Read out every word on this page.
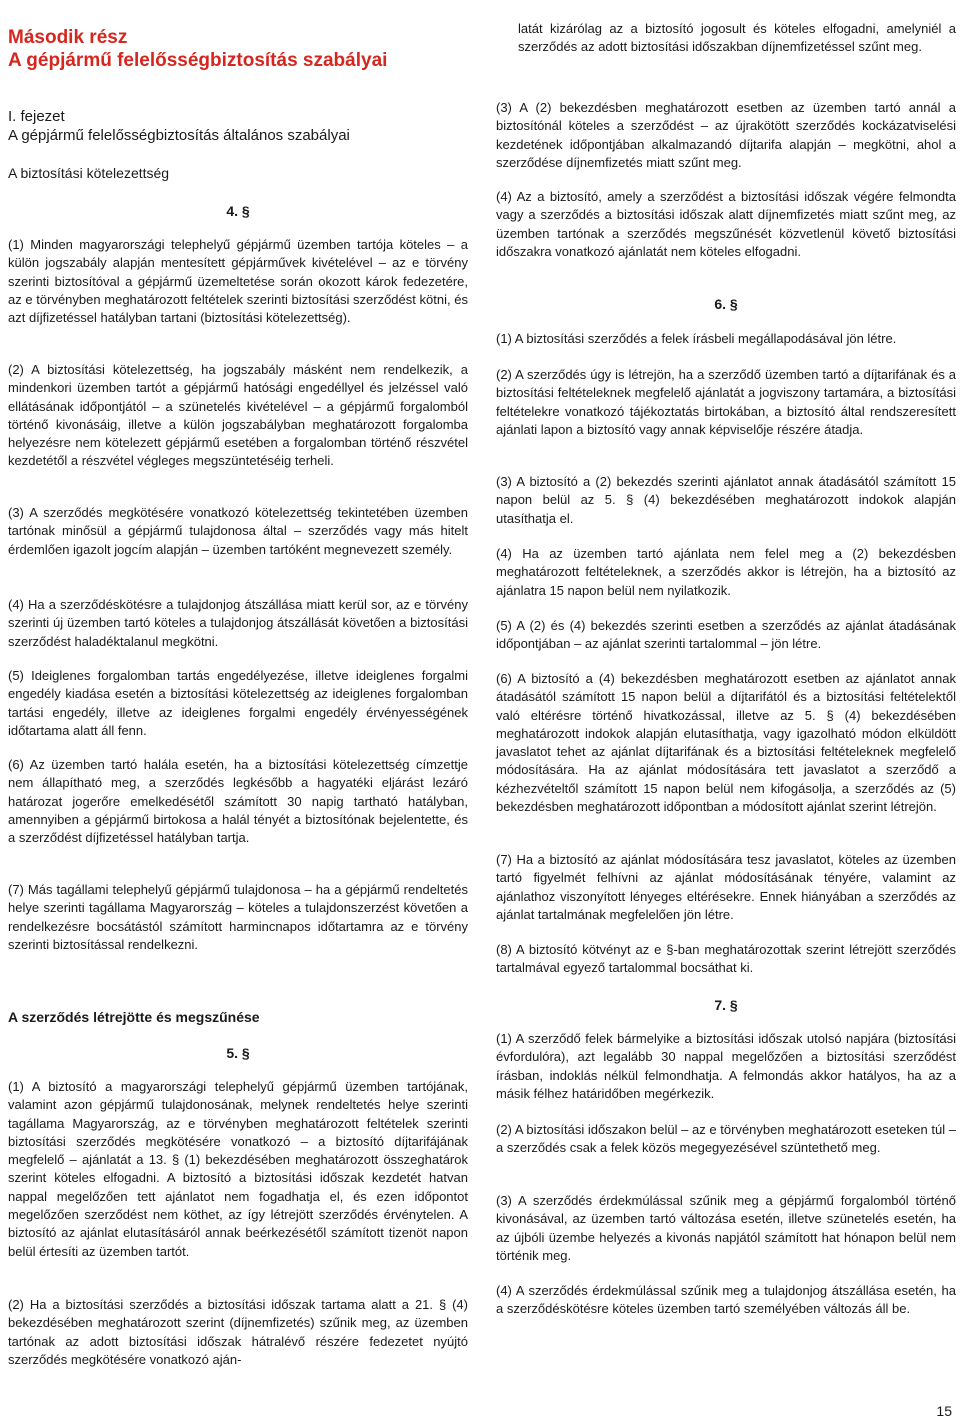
Második rész
A gépjármű felelősségbiztosítás szabályai
I. fejezet
A gépjármű felelősségbiztosítás általános szabályai
A biztosítási kötelezettség
4. §
(1) Minden magyarországi telephelyű gépjármű üzemben tartója köteles – a külön jogszabály alapján mentesített gépjárművek kivételével – az e törvény szerinti biztosítóval a gépjármű üzemeltetése során okozott károk fedezetére, az e törvényben meghatározott feltételek szerinti biztosítási szerződést kötni, és azt díjfizetéssel hatályban tartani (biztosítási kötelezettség).
(2) A biztosítási kötelezettség, ha jogszabály másként nem rendelkezik, a mindenkori üzemben tartót a gépjármű hatósági engedéllyel és jelzéssel való ellátásának időpontjától – a szünetelés kivételével – a gépjármű forgalomból történő kivonásáig, illetve a külön jogszabályban meghatározott forgalomba helyezésre nem kötelezett gépjármű esetében a forgalomban történő részvétel kezdetétől a részvétel végleges megszüntetéséig terheli.
(3) A szerződés megkötésére vonatkozó kötelezettség tekintetében üzemben tartónak minősül a gépjármű tulajdonosa által – szerződés vagy más hitelt érdemlően igazolt jogcím alapján – üzemben tartóként megnevezett személy.
(4) Ha a szerződéskötésre a tulajdonjog átszállása miatt kerül sor, az e törvény szerinti új üzemben tartó köteles a tulajdonjog átszállását követően a biztosítási szerződést haladéktalanul megkötni.
(5) Ideiglenes forgalomban tartás engedélyezése, illetve ideiglenes forgalmi engedély kiadása esetén a biztosítási kötelezettség az ideiglenes forgalomban tartási engedély, illetve az ideiglenes forgalmi engedély érvényességének időtartama alatt áll fenn.
(6) Az üzemben tartó halála esetén, ha a biztosítási kötelezettség címzettje nem állapítható meg, a szerződés legkésőbb a hagyatéki eljárást lezáró határozat jogerőre emelkedésétől számított 30 napig tartható hatályban, amennyiben a gépjármű birtokosa a halál tényét a biztosítónak bejelentette, és a szerződést díjfizetéssel hatályban tartja.
(7) Más tagállami telephelyű gépjármű tulajdonosa – ha a gépjármű rendeltetés helye szerinti tagállama Magyarország – köteles a tulajdonszerzést követően a rendelkezésre bocsátástól számított harmincnapos időtartamra az e törvény szerinti biztosítással rendelkezni.
A szerződés létrejötte és megszűnése
5. §
(1) A biztosító a magyarországi telephelyű gépjármű üzemben tartójának, valamint azon gépjármű tulajdonosának, melynek rendeltetés helye szerinti tagállama Magyarország, az e törvényben meghatározott feltételek szerinti biztosítási szerződés megkötésére vonatkozó – a biztosító díjtarifájának megfelelő – ajánlatát a 13. § (1) bekezdésében meghatározott összeghatárok szerint köteles elfogadni. A biztosító a biztosítási időszak kezdetét hatvan nappal megelőzően tett ajánlatot nem fogadhatja el, és ezen időpontot megelőzően szerződést nem köthet, az így létrejött szerződés érvénytelen. A biztosító az ajánlat elutasításáról annak beérkezésétől számított tizenöt napon belül értesíti az üzemben tartót.
(2) Ha a biztosítási szerződés a biztosítási időszak tartama alatt a 21. § (4) bekezdésében meghatározott szerint (díjnemfizetés) szűnik meg, az üzemben tartónak az adott biztosítási időszak hátralévő részére fedezetet nyújtó szerződés megkötésére vonatkozó aján-
latát kizárólag az a biztosító jogosult és köteles elfogadni, amelyniél a szerződés az adott biztosítási időszakban díjnemfizetéssel szűnt meg.
(3) A (2) bekezdésben meghatározott esetben az üzemben tartó annál a biztosítónál köteles a szerződést – az újrakötött szerződés kockázatviselési kezdetének időpontjában alkalmazandó díjtarifa alapján – megkötni, ahol a szerződése díjnemfizetés miatt szűnt meg.
(4) Az a biztosító, amely a szerződést a biztosítási időszak végére felmondta vagy a szerződés a biztosítási időszak alatt díjnemfizetés miatt szűnt meg, az üzemben tartónak a szerződés megszűnését közvetlenül követő biztosítási időszakra vonatkozó ajánlatát nem köteles elfogadni.
6. §
(1) A biztosítási szerződés a felek írásbeli megállapodásával jön létre.
(2) A szerződés úgy is létrejön, ha a szerződő üzemben tartó a díjtarifának és a biztosítási feltételeknek megfelelő ajánlatát a jogviszony tartamára, a biztosítási feltételekre vonatkozó tájékoztatás birtokában, a biztosító által rendszeresített ajánlati lapon a biztosító vagy annak képviselője részére átadja.
(3) A biztosító a (2) bekezdés szerinti ajánlatot annak átadásától számított 15 napon belül az 5. § (4) bekezdésében meghatározott indokok alapján utasíthatja el.
(4) Ha az üzemben tartó ajánlata nem felel meg a (2) bekezdésben meghatározott feltételeknek, a szerződés akkor is létrejön, ha a biztosító az ajánlatra 15 napon belül nem nyilatkozik.
(5) A (2) és (4) bekezdés szerinti esetben a szerződés az ajánlat átadásának időpontjában – az ajánlat szerinti tartalommal – jön létre.
(6) A biztosító a (4) bekezdésben meghatározott esetben az ajánlatot annak átadásától számított 15 napon belül a díjtarifától és a biztosítási feltételektől való eltérésre történő hivatkozással, illetve az 5. § (4) bekezdésében meghatározott indokok alapján elutasíthatja, vagy igazolható módon elküldött javaslatot tehet az ajánlat díjtarifának és a biztosítási feltételeknek megfelelő módosítására. Ha az ajánlat módosítására tett javaslatot a szerződő a kézhezvételtől számított 15 napon belül nem kifogásolja, a szerződés az (5) bekezdésben meghatározott időpontban a módosított ajánlat szerint létrejön.
(7) Ha a biztosító az ajánlat módosítására tesz javaslatot, köteles az üzemben tartó figyelmét felhívni az ajánlat módosításának tényére, valamint az ajánlathoz viszonyított lényeges eltérésekre. Ennek hiányában a szerződés az ajánlat tartalmának megfelelően jön létre.
(8) A biztosító kötvényt az e §-ban meghatározottak szerint létrejött szerződés tartalmával egyező tartalommal bocsáthat ki.
7. §
(1) A szerződő felek bármelyike a biztosítási időszak utolsó napjára (biztosítási évfordulóra), azt legalább 30 nappal megelőzően a biztosítási szerződést írásban, indoklás nélkül felmondhatja. A felmondás akkor hatályos, ha az a másik félhez határidőben megérkezik.
(2) A biztosítási időszakon belül – az e törvényben meghatározott eseteken túl – a szerződés csak a felek közös megegyezésével szüntethető meg.
(3) A szerződés érdekmúlással szűnik meg a gépjármű forgalomból történő kivonásával, az üzemben tartó változása esetén, illetve szünetelés esetén, ha az újbóli üzembe helyezés a kivonás napjától számított hat hónapon belül nem történik meg.
(4) A szerződés érdekmúlással szűnik meg a tulajdonjog átszállása esetén, ha a szerződéskötésre köteles üzemben tartó személyében változás áll be.
15
